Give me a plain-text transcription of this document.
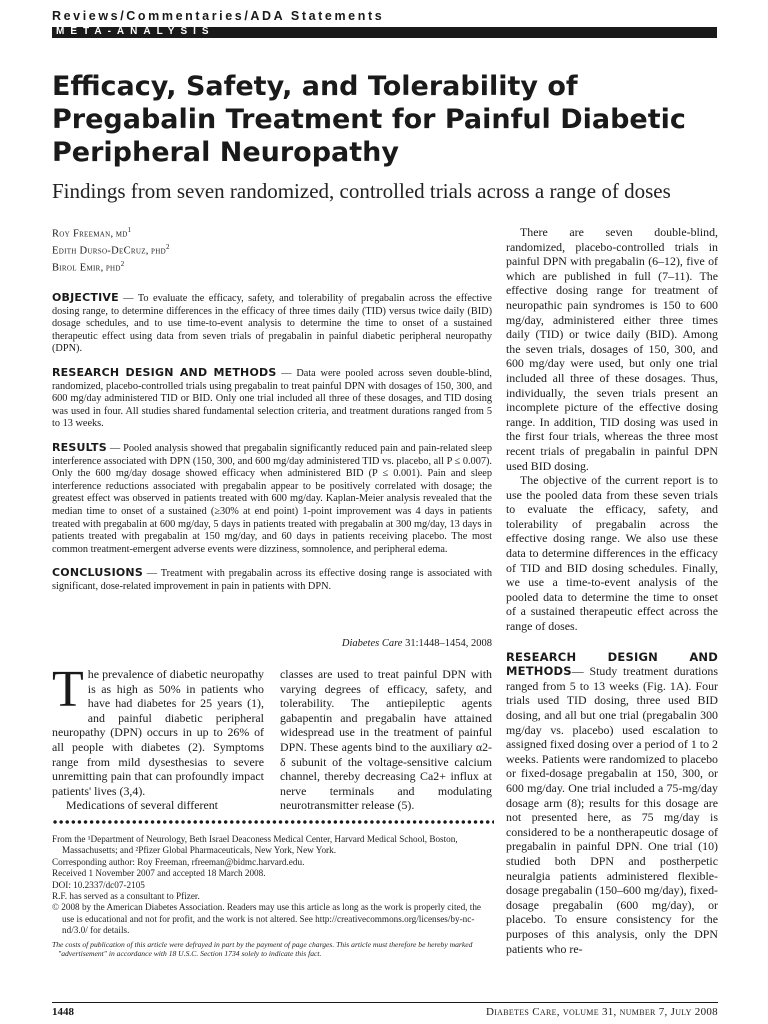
Reviews/Commentaries/ADA Statements
META-ANALYSIS
Efficacy, Safety, and Tolerability of Pregabalin Treatment for Painful Diabetic Peripheral Neuropathy
Findings from seven randomized, controlled trials across a range of doses
Roy Freeman, $md^1$
Edith Durso-DeCruz, phd$^2$
Birol Emir, phd$^2$

OBJECTIVE — To evaluate the efficacy, safety, and tolerability of pregabalin across the effective dosing range, to determine differences in the efficacy of three times daily (TID) versus twice daily (BID) dosage schedules, and to use time-to-event analysis to determine the time to onset of a sustained therapeutic effect using data from seven trials of pregabalin in painful diabetic peripheral neuropathy (DPN).

RESEARCH DESIGN AND METHODS — Data were pooled across seven double-blind, randomized, placebo-controlled trials using pregabalin to treat painful DPN with dosages of 150, 300, and 600 mg/day administered TID or BID. Only one trial included all three of these dosages, and TID dosing was used in four. All studies shared fundamental selection criteria, and treatment durations ranged from 5 to 13 weeks.

RESULTS — Pooled analysis showed that pregabalin significantly reduced pain and pain-related sleep interference associated with DPN (150, 300, and 600 mg/day administered TID vs. placebo, all P ≤ 0.007). Only the 600 mg/day dosage showed efficacy when administered BID (P ≤ 0.001). Pain and sleep interference reductions associated with pregabalin appear to be positively correlated with dosage; the greatest effect was observed in patients treated with 600 mg/day. Kaplan-Meier analysis revealed that the median time to onset of a sustained (≥30% at end point) 1-point improvement was 4 days in patients treated with pregabalin at 600 mg/day, 5 days in patients treated with pregabalin at 300 mg/day, 13 days in patients treated with pregabalin at 150 mg/day, and 60 days in patients receiving placebo. The most common treatment-emergent adverse events were dizziness, somnolence, and peripheral edema.

CONCLUSIONS — Treatment with pregabalin across its effective dosing range is associated with significant, dose-related improvement in pain in patients with DPN.

Diabetes Care 31:1448–1454, 2008

The prevalence of diabetic neuropathy is as high as 50% in patients who have had diabetes for 25 years (1), and painful diabetic peripheral neuropathy (DPN) occurs in up to 26% of all people with diabetes (2). Symptoms range from mild dysesthesias to severe unremitting pain that can profoundly impact patients' lives (3,4).

Medications of several different

classes are used to treat painful DPN with varying degrees of efficacy, safety, and tolerability. The antiepileptic agents gabapentin and pregabalin have attained widespread use in the treatment of painful DPN. These agents bind to the auxiliary α2-δ subunit of the voltage-sensitive calcium channel, thereby decreasing Ca2+ influx at nerve terminals and modulating neurotransmitter release (5).

There are seven double-blind, randomized, placebo-controlled trials in painful DPN with pregabalin (6–12), five of which are published in full (7–11). The effective dosing range for treatment of neuropathic pain syndromes is 150 to 600 mg/day, administered either three times daily (TID) or twice daily (BID). Among the seven trials, dosages of 150, 300, and 600 mg/day were used, but only one trial included all three of these dosages. Thus, individually, the seven trials present an incomplete picture of the effective dosing range. In addition, TID dosing was used in the first four trials, whereas the three most recent trials of pregabalin in painful DPN used BID dosing.

The objective of the current report is to use the pooled data from these seven trials to evaluate the efficacy, safety, and tolerability of pregabalin across the effective dosing range. We also use these data to determine differences in the efficacy of TID and BID dosing schedules. Finally, we use a time-to-event analysis of the pooled data to determine the time to onset of a sustained therapeutic effect across the range of doses.

RESEARCH DESIGN AND METHODS— Study treatment durations ranged from 5 to 13 weeks (Fig. 1A). Four trials used TID dosing, three used BID dosing, and all but one trial (pregabalin 300 mg/day vs. placebo) used escalation to assigned fixed dosing over a period of 1 to 2 weeks. Patients were randomized to placebo or fixed-dosage pregabalin at 150, 300, or 600 mg/day. One trial included a 75-mg/day dosage arm (8); results for this dosage are not presented here, as 75 mg/day is considered to be a nontherapeutic dosage of pregabalin in painful DPN. One trial (10) studied both DPN and postherpetic neuralgia patients administered flexible-dosage pregabalin (150–600 mg/day), fixed-dosage pregabalin (600 mg/day), or placebo. To ensure consistency for the purposes of this analysis, only the DPN patients who re-

From the ¹Department of Neurology, Beth Israel Deaconess Medical Center, Harvard Medical School, Boston, Massachusetts; and ²Pfizer Global Pharmaceuticals, New York, New York.
Corresponding author: Roy Freeman, rfreeman@bidmc.harvard.edu.
Received 1 November 2007 and accepted 18 March 2008.
DOI: 10.2337/dc07-2105
R.F. has served as a consultant to Pfizer.
© 2008 by the American Diabetes Association. Readers may use this article as long as the work is properly cited, the use is educational and not for profit, and the work is not altered. See http://creativecommons.org/licenses/by-nc-nd/3.0/ for details.
The costs of publication of this article were defrayed in part by the payment of page charges. This article must therefore be hereby marked "advertisement" in accordance with 18 U.S.C. Section 1734 solely to indicate this fact.
1448	Diabetes Care, volume 31, number 7, July 2008
